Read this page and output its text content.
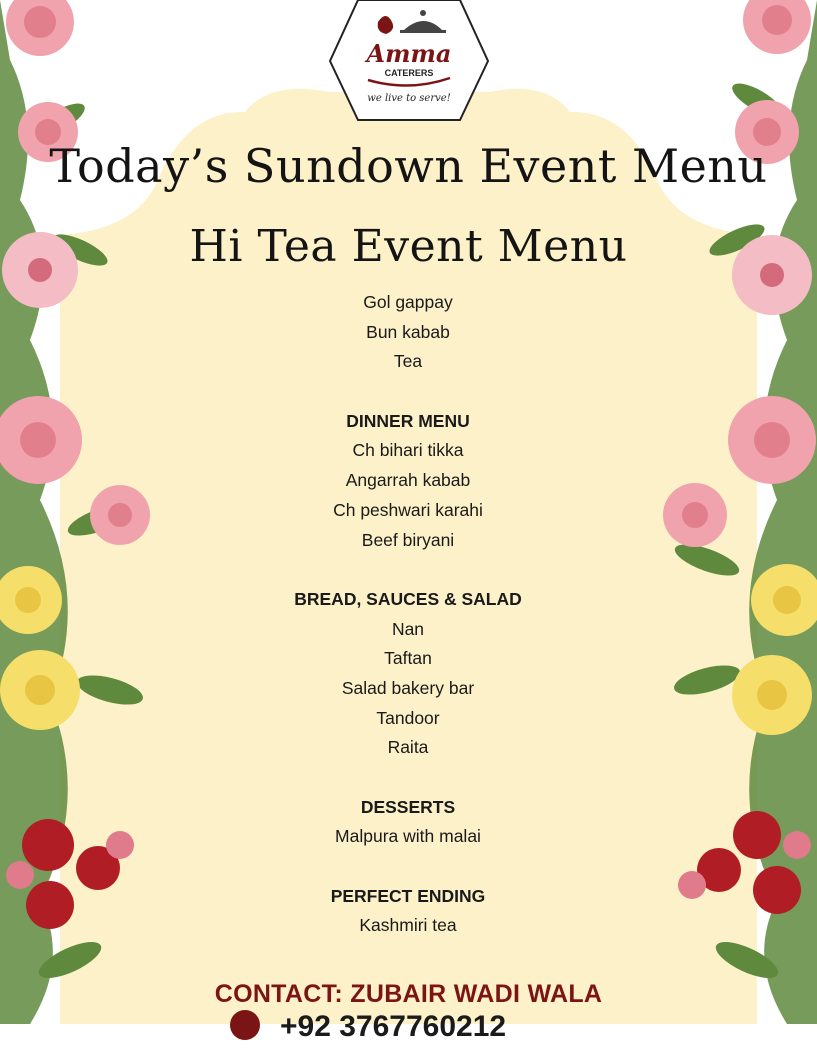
Amma
CATERERS
we live to serve!
Today’s Sundown Event Menu
Hi Tea Event Menu
Gol gappay
Bun kabab
Tea
DINNER MENU
Ch bihari tikka
Angarrah kabab
Ch peshwari karahi
Beef biryani
BREAD, SAUCES & SALAD
Nan
Taftan
Salad bakery bar
Tandoor
Raita
DESSERTS
Malpura with malai
PERFECT ENDING
Kashmiri tea
CONTACT: ZUBAIR WADI WALA
+92 3767760212
